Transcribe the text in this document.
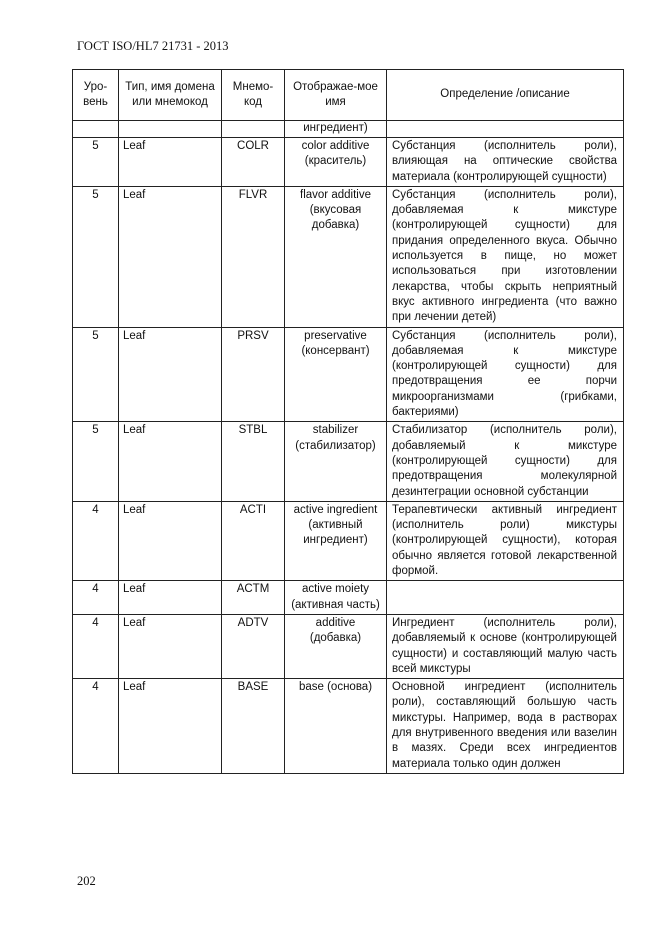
ГОСТ ISO/HL7 21731 - 2013
Уро-вень	Тип, имя домена или мнемокод	Мнемо-код	Отображае-мое имя	Определение /описание
			ингредиент)	
5	Leaf	COLR	color additive (краситель)	Субстанция (исполнитель роли), влияющая на оптические свойства материала (контролирующей сущности)
5	Leaf	FLVR	flavor additive (вкусовая добавка)	Субстанция (исполнитель роли), добавляемая к микстуре (контролирующей сущности) для придания определенного вкуса. Обычно используется в пище, но может использоваться при изготовлении лекарства, чтобы скрыть неприятный вкус активного ингредиента (что важно при лечении детей)
5	Leaf	PRSV	preservative (консервант)	Субстанция (исполнитель роли), добавляемая к микстуре (контролирующей сущности) для предотвращения ее порчи микроорганизмами (грибками, бактериями)
5	Leaf	STBL	stabilizer (стабилизатор)	Стабилизатор (исполнитель роли), добавляемый к микстуре (контролирующей сущности) для предотвращения молекулярной дезинтеграции основной субстанции
4	Leaf	ACTI	active ingredient (активный ингредиент)	Терапевтически активный ингредиент (исполнитель роли) микстуры (контролирующей сущности), которая обычно является готовой лекарственной формой.
4	Leaf	ACTM	active moiety (активная часть)	
4	Leaf	ADTV	additive (добавка)	Ингредиент (исполнитель роли), добавляемый к основе (контролирующей сущности) и составляющий малую часть всей микстуры
4	Leaf	BASE	base (основа)	Основной ингредиент (исполнитель роли), составляющий большую часть микстуры. Например, вода в растворах для внутривенного введения или вазелин в мазях. Среди всех ингредиентов материала только один должен
202
